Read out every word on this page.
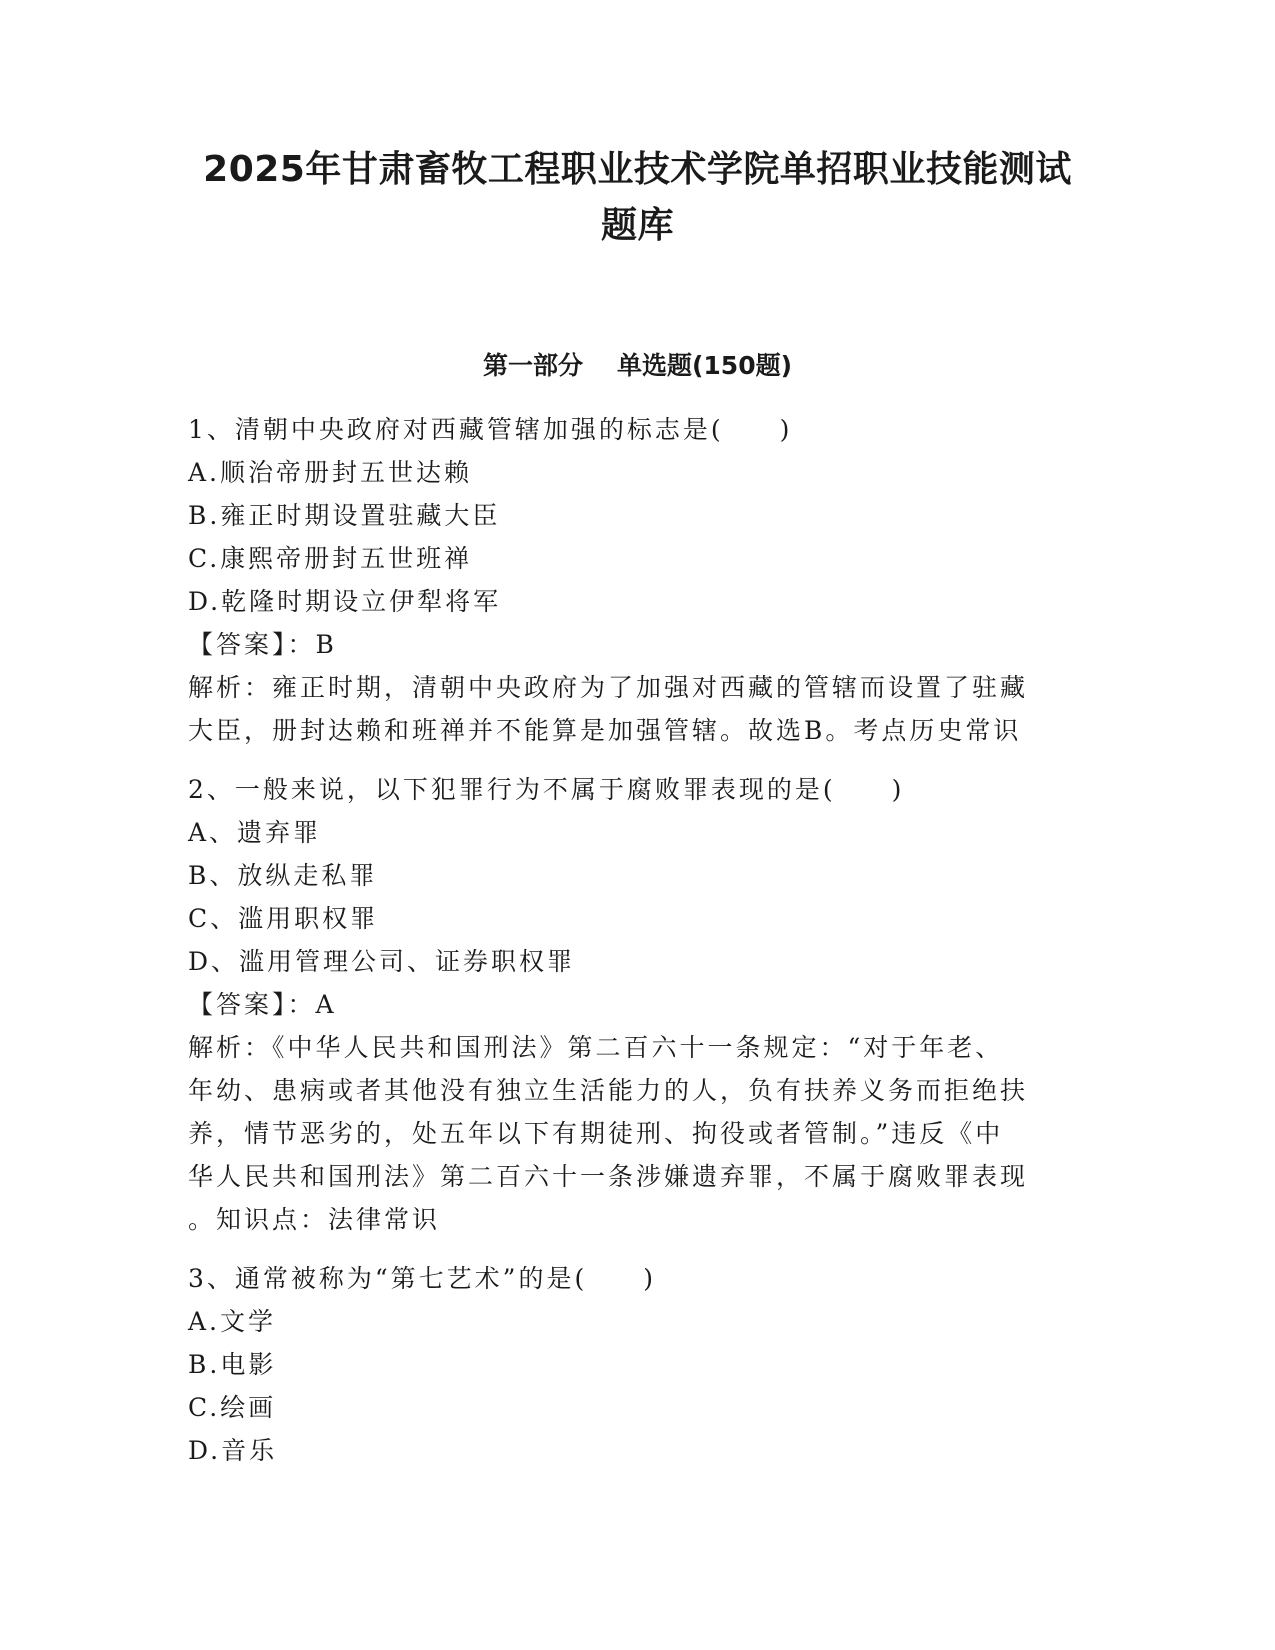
2025年甘肃畜牧工程职业技术学院单招职业技能测试
题库
第一部分 单选题(150题)

1、清朝中央政府对西藏管辖加强的标志是(　　)

A.顺治帝册封五世达赖

B.雍正时期设置驻藏大臣

C.康熙帝册封五世班禅

D.乾隆时期设立伊犁将军

【答案】：B

解析：雍正时期，清朝中央政府为了加强对西藏的管辖而设置了驻藏

大臣，册封达赖和班禅并不能算是加强管辖。故选B。考点历史常识

2、一般来说，以下犯罪行为不属于腐败罪表现的是(　　)

A、遗弃罪

B、放纵走私罪

C、滥用职权罪

D、滥用管理公司、证券职权罪

【答案】：A

解析：《中华人民共和国刑法》第二百六十一条规定：“对于年老、

年幼、患病或者其他没有独立生活能力的人，负有扶养义务而拒绝扶

养，情节恶劣的，处五年以下有期徒刑、拘役或者管制。”违反《中

华人民共和国刑法》第二百六十一条涉嫌遗弃罪，不属于腐败罪表现

。知识点：法律常识

3、通常被称为“第七艺术”的是(　　)

A.文学

B.电影

C.绘画

D.音乐
